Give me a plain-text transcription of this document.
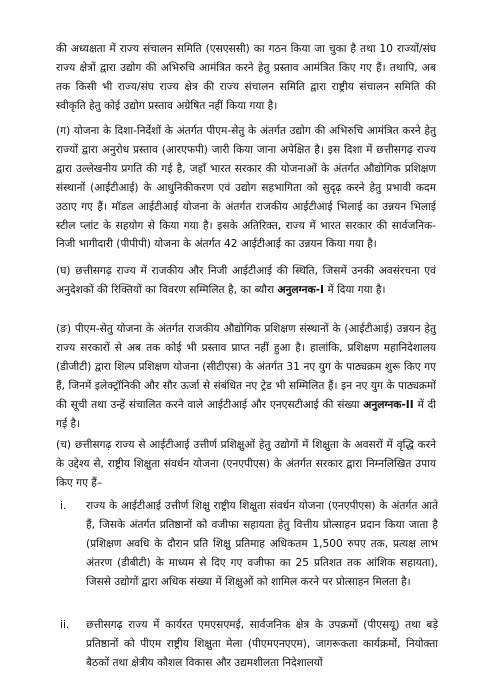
की अध्यक्षता में राज्य संचालन समिति (एसएससी) का गठन किया जा चुका है तथा 10 राज्यों/संघ राज्य क्षेत्रों द्वारा उद्योग की अभिरुचि आमंत्रित करने हेतु प्रस्ताव आमंत्रित किए गए हैं। तथापि, अब तक किसी भी राज्य/संघ राज्य क्षेत्र की राज्य संचालन समिति द्वारा राष्ट्रीय संचालन समिति की स्वीकृति हेतु कोई उद्योग प्रस्ताव अग्रेषित नहीं किया गया है।

(ग) योजना के दिशा-निर्देशों के अंतर्गत पीएम-सेतु के अंतर्गत उद्योग की अभिरुचि आमंत्रित करने हेतु राज्यों द्वारा अनुरोध प्रस्ताव (आरएफपी) जारी किया जाना अपेक्षित है। इस दिशा में छत्तीसगढ़ राज्य द्वारा उल्लेखनीय प्रगति की गई है, जहाँ भारत सरकार की योजनाओं के अंतर्गत औद्योगिक प्रशिक्षण संस्थानों (आईटीआई) के आधुनिकीकरण एवं उद्योग सहभागिता को सुदृढ़ करने हेतु प्रभावी कदम उठाए गए हैं। मॉडल आईटीआई योजना के अंतर्गत राजकीय आईटीआई भिलाई का उन्नयन भिलाई स्टील प्लांट के सहयोग से किया गया है। इसके अतिरिक्त, राज्य में भारत सरकार की सार्वजनिक-निजी भागीदारी (पीपीपी) योजना के अंतर्गत 42 आईटीआई का उन्नयन किया गया है।

(घ) छत्तीसगढ़ राज्य में राजकीय और निजी आईटीआई की स्थिति, जिसमें उनकी अवसंरचना एवं अनुदेशकों की रिक्तियों का विवरण सम्मिलित है, का ब्यौरा अनुलग्नक-I में दिया गया है।

(ङ) पीएम-सेतु योजना के अंतर्गत राजकीय औद्योगिक प्रशिक्षण संस्थानों के (आईटीआई) उन्नयन हेतु राज्य सरकारों से अब तक कोई भी प्रस्ताव प्राप्त नहीं हुआ है। हालांकि, प्रशिक्षण महानिदेशालय (डीजीटी) द्वारा शिल्प प्रशिक्षण योजना (सीटीएस) के अंतर्गत 31 नए युग के पाठ्यक्रम शुरू किए गए हैं, जिनमें इलेक्ट्रॉनिकी और सौर ऊर्जा से संबंधित नए ट्रेड भी सम्मिलित हैं। इन नए युग के पाठ्यक्रमों की सूची तथा उन्हें संचालित करने वाले आईटीआई और एनएसटीआई की संख्या अनुलग्नक-II में दी गई है।

(च) छत्तीसगढ़ राज्य से आईटीआई उत्तीर्ण प्रशिक्षुओं हेतु उद्योगों में शिक्षुता के अवसरों में वृद्धि करने के उद्देश्य से, राष्ट्रीय शिक्षुता संवर्धन योजना (एनएपीएस) के अंतर्गत सरकार द्वारा निम्नलिखित उपाय किए गए हैं–

i. राज्य के आईटीआई उत्तीर्ण शिक्षु राष्ट्रीय शिक्षुता संवर्धन योजना (एनएपीएस) के अंतर्गत आते हैं, जिसके अंतर्गत प्रतिष्ठानों को वजीफा सहायता हेतु वित्तीय प्रोत्साहन प्रदान किया जाता है (प्रशिक्षण अवधि के दौरान प्रति शिक्षु प्रतिमाह अधिकतम 1,500 रुपए तक, प्रत्यक्ष लाभ अंतरण (डीबीटी) के माध्यम से दिए गए वजीफा का 25 प्रतिशत तक आंशिक सहायता), जिससे उद्योगों द्वारा अधिक संख्या में शिक्षुओं को शामिल करने पर प्रोत्साहन मिलता है।

ii. छत्तीसगढ़ राज्य में कार्यरत एमएसएमई, सार्वजनिक क्षेत्र के उपक्रमों (पीएसयू) तथा बड़े प्रतिष्ठानों को पीएम राष्ट्रीय शिक्षुता मेला (पीएमएनएएम), जागरूकता कार्यक्रमों, नियोक्ता बैठकों तथा क्षेत्रीय कौशल विकास और उद्यमशीलता निदेशालयों
